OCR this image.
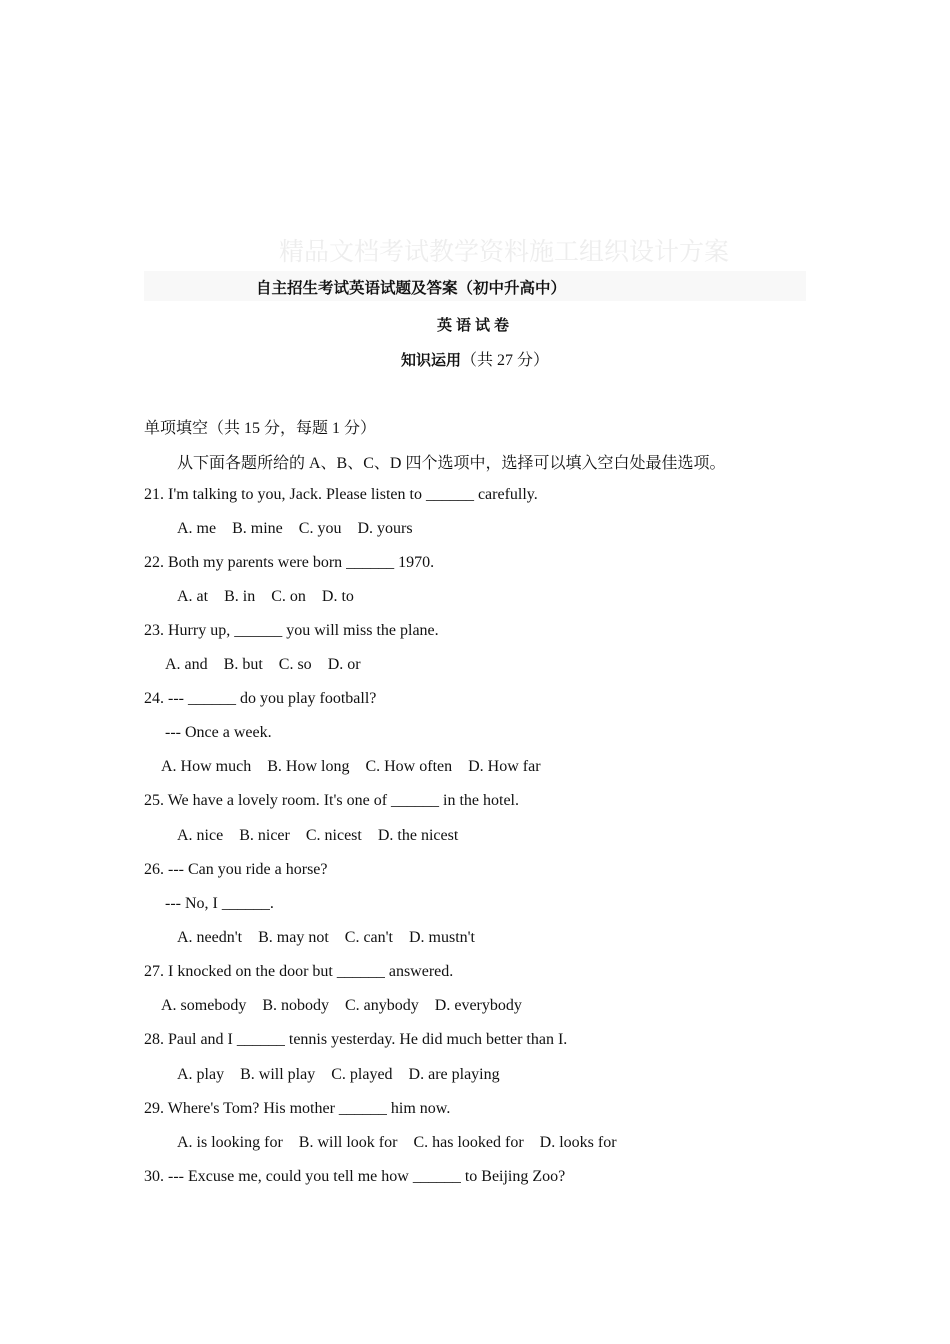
精品文档考试教学资料施工组织设计方案
自主招生考试英语试题及答案（初中升高中）
英语试卷
知识运用（共 27 分）
单项填空（共 15 分，每题 1 分）
从下面各题所给的 A、B、C、D 四个选项中，选择可以填入空白处最佳选项。
21. I'm talking to you, Jack. Please listen to ______ carefully.
A. me B. mine C. you D. yours
22. Both my parents were born ______ 1970.
A. at B. in C. on D. to
23. Hurry up, ______ you will miss the plane.
A. and B. but C. so D. or
24. --- ______ do you play football?
--- Once a week.
A. How much B. How long C. How often D. How far
25. We have a lovely room. It's one of ______ in the hotel.
A. nice B. nicer C. nicest D. the nicest
26. --- Can you ride a horse?
--- No, I ______.
A. needn't B. may not C. can't D. mustn't
27. I knocked on the door but ______ answered.
A. somebody B. nobody C. anybody D. everybody
28. Paul and I ______ tennis yesterday. He did much better than I.
A. play B. will play C. played D. are playing
29. Where's Tom? His mother ______ him now.
A. is looking for B. will look for C. has looked for D. looks for
30. --- Excuse me, could you tell me how ______ to Beijing Zoo?
